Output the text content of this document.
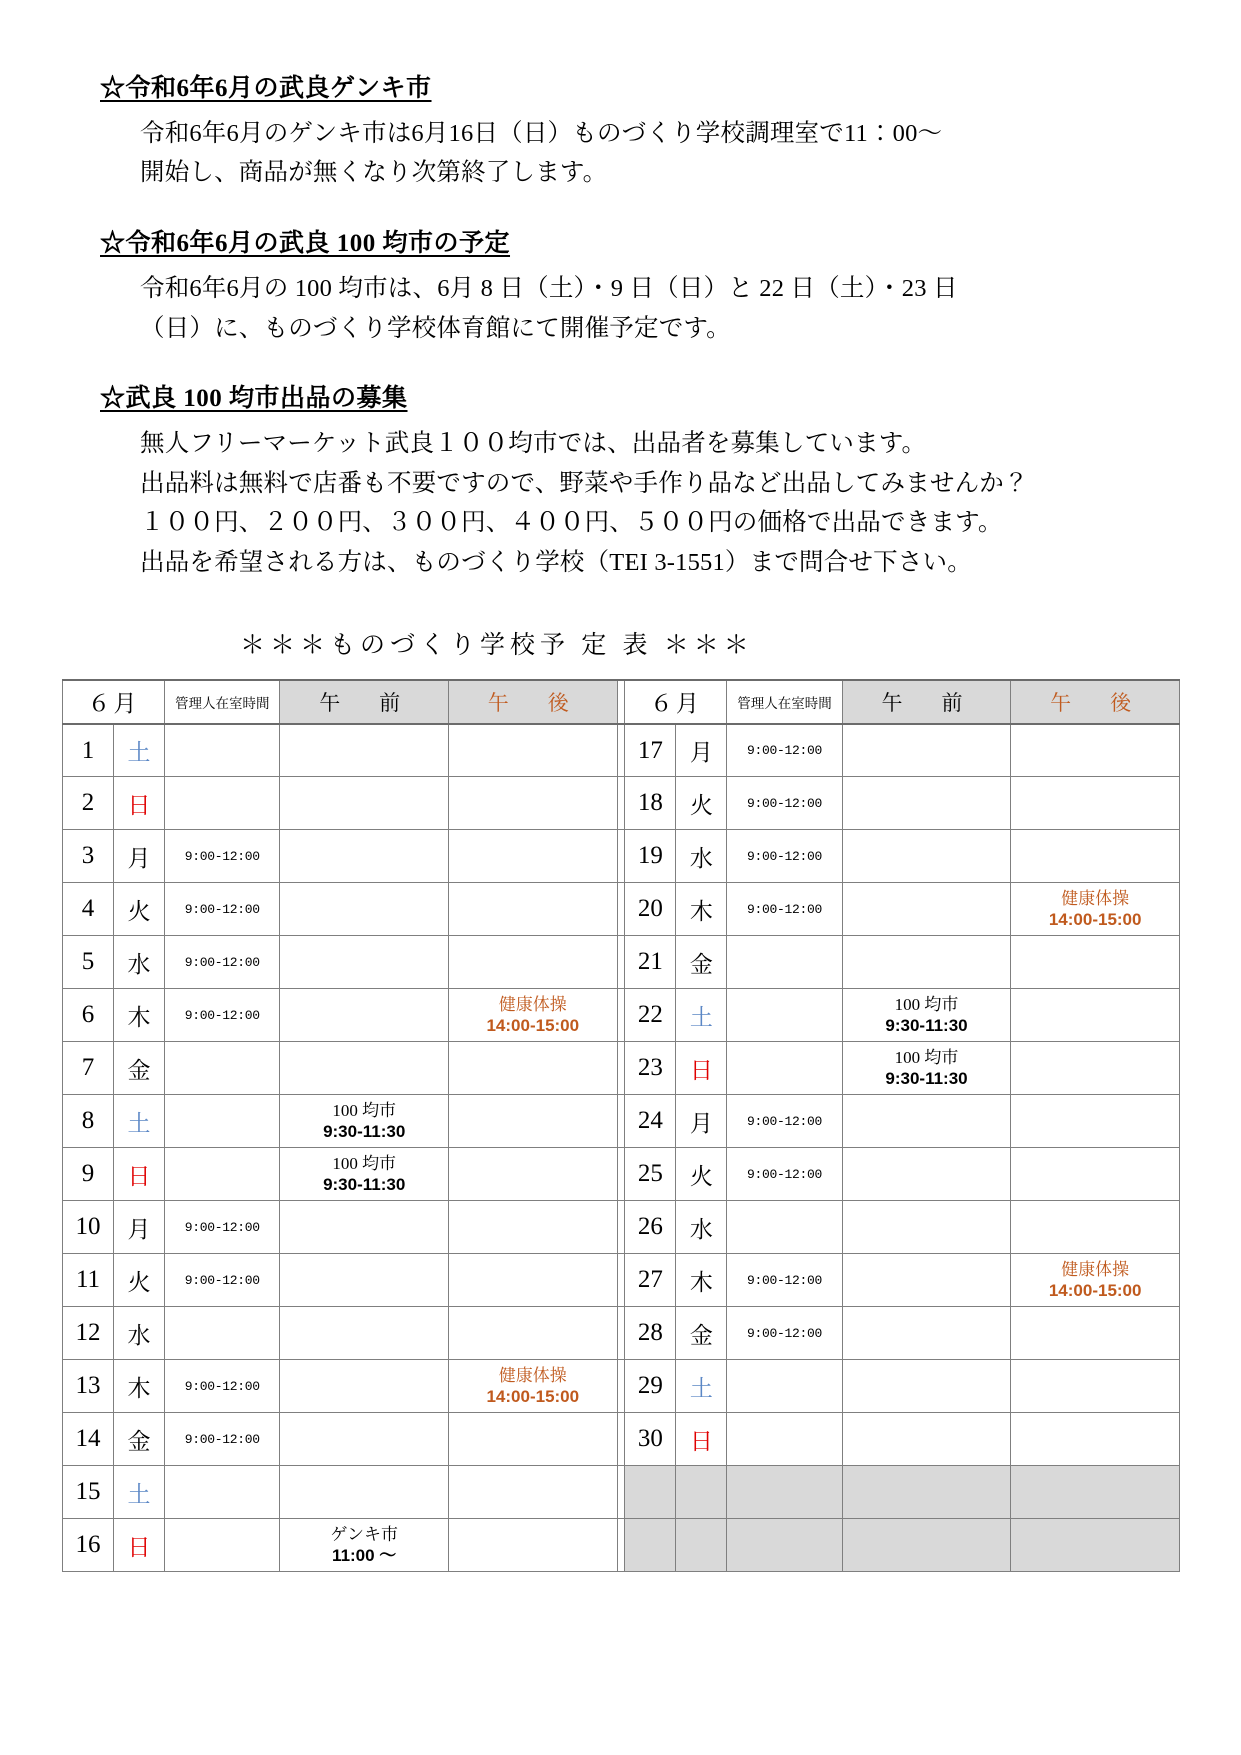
☆令和6年6月の武良ゲンキ市
令和6年6月のゲンキ市は6月16日（日）ものづくり学校調理室で11：00～
開始し、商品が無くなり次第終了します。
☆令和6年6月の武良 100 均市の予定
令和6年6月の 100 均市は、6月 8 日（土）・9 日（日）と 22 日（土）・23 日
（日）に、ものづくり学校体育館にて開催予定です。
☆武良 100 均市出品の募集
無人フリーマーケット武良１００均市では、出品者を募集しています。
出品料は無料で店番も不要ですので、野菜や手作り品など出品してみませんか？
１００円、２００円、３００円、４００円、５００円の価格で出品できます。
出品を希望される方は、ものづくり学校（TEI 3-1551）まで問合せ下さい。
＊＊＊ものづくり学校予 定 表 ＊＊＊
６月		管理人在室時間	午　前	午　後		６月		管理人在室時間	午　前	午　後
1	土					17	月	9:00-12:00		
2	日					18	火	9:00-12:00		
3	月	9:00-12:00				19	水	9:00-12:00		
4	火	9:00-12:00				20	木	9:00-12:00		健康体操
14:00-15:00

5	水	9:00-12:00				21	金			
6	木	9:00-12:00		健康体操
14:00-15:00		22	土		100 均市
9:30-11:30	

7	金					23	日		100 均市
9:30-11:30	

8	土		100 均市
9:30-11:30			24	月	9:00-12:00		
9	日		100 均市
9:30-11:30			25	火	9:00-12:00		
10	月	9:00-12:00				26	水			
11	火	9:00-12:00				27	木	9:00-12:00		健康体操
14:00-15:00

12	水					28	金	9:00-12:00		
13	木	9:00-12:00		健康体操
14:00-15:00		29	土			
14	金	9:00-12:00				30	日			
15	土									
16	日		ゲンキ市
11:00 ～							
